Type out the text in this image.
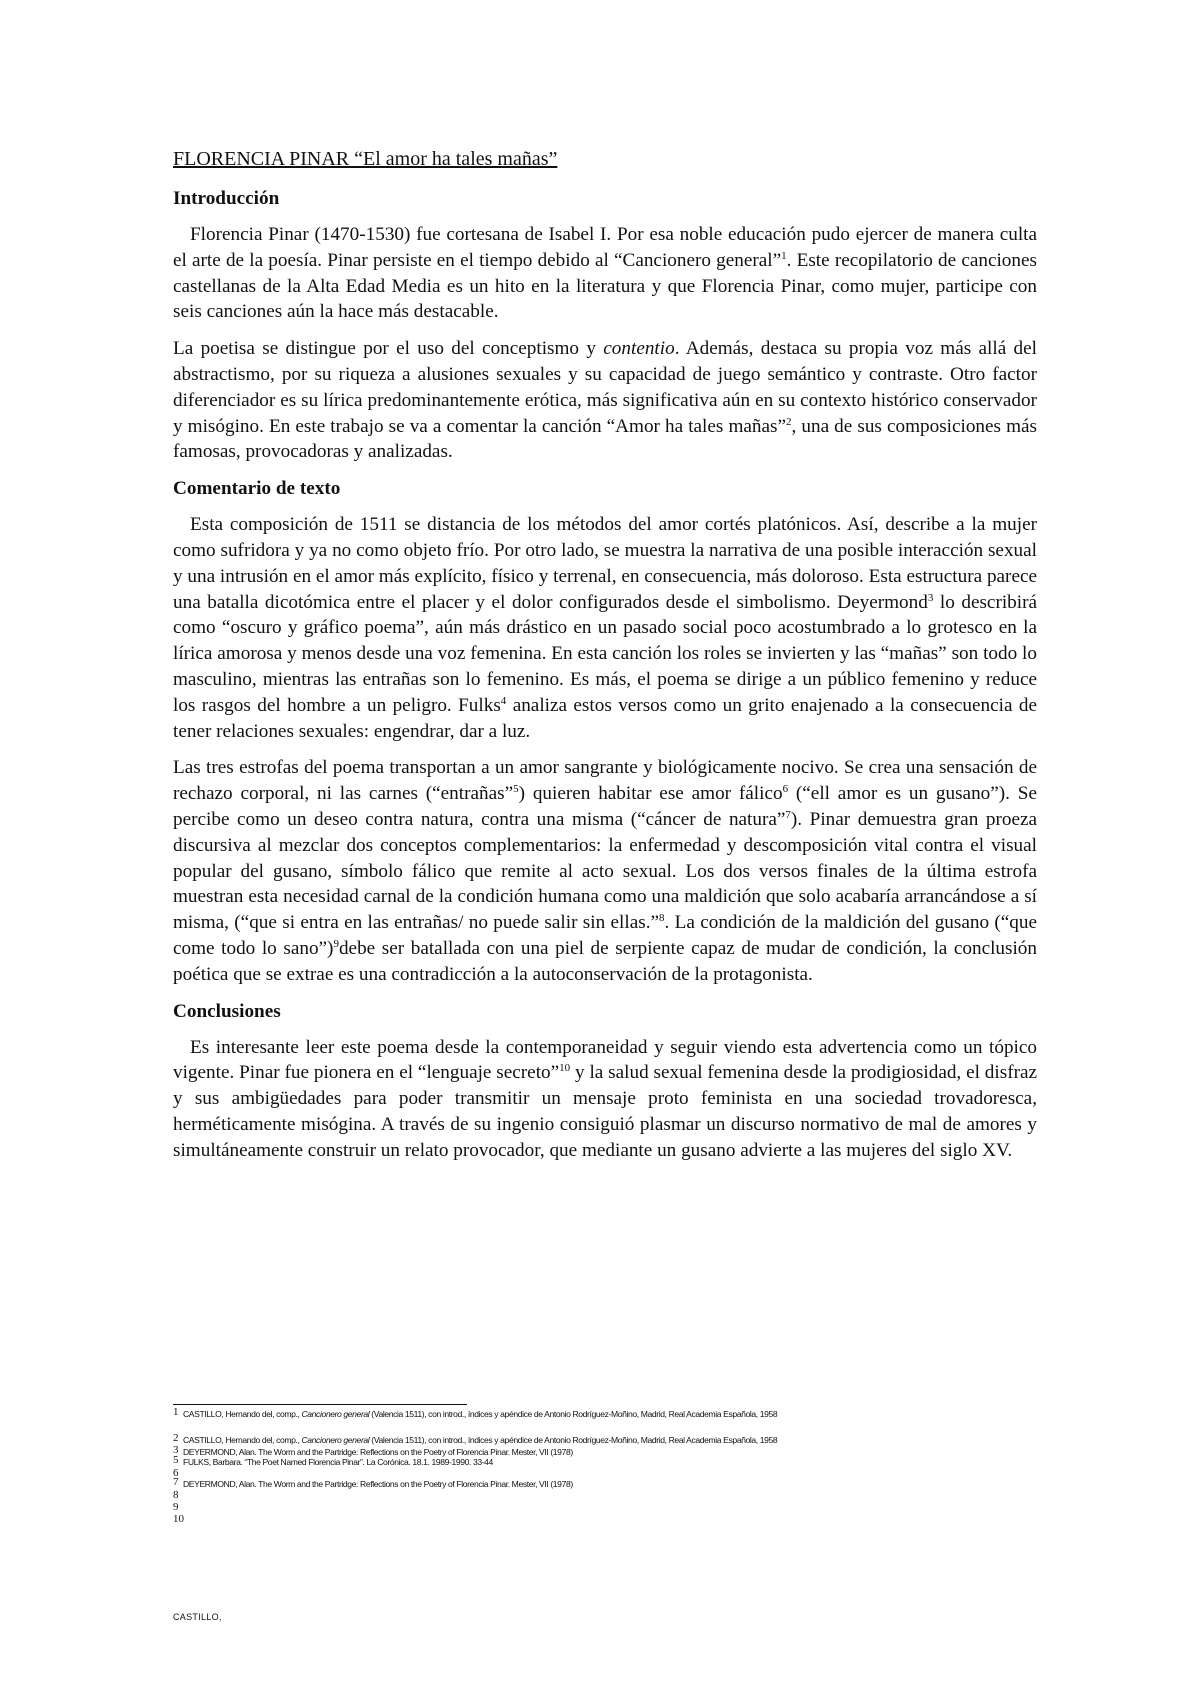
FLORENCIA PINAR “El amor ha tales mañas”
Introducción

Florencia Pinar (1470-1530) fue cortesana de Isabel I. Por esa noble educación pudo ejercer de manera culta el arte de la poesía. Pinar persiste en el tiempo debido al “Cancionero general”$^1$. Este recopilatorio de canciones castellanas de la Alta Edad Media es un hito en la literatura y que Florencia Pinar, como mujer, participe con seis canciones aún la hace más destacable.

La poetisa se distingue por el uso del conceptismo y contentio. Además, destaca su propia voz más allá del abstractismo, por su riqueza a alusiones sexuales y su capacidad de juego semántico y contraste. Otro factor diferenciador es su lírica predominantemente erótica, más significativa aún en su contexto histórico conservador y misógino. En este trabajo se va a comentar la canción “Amor ha tales mañas”$^2$, una de sus composiciones más famosas, provocadoras y analizadas.

Comentario de texto

Esta composición de 1511 se distancia de los métodos del amor cortés platónicos. Así, describe a la mujer como sufridora y ya no como objeto frío. Por otro lado, se muestra la narrativa de una posible interacción sexual y una intrusión en el amor más explícito, físico y terrenal, en consecuencia, más doloroso. Esta estructura parece una batalla dicotómica entre el placer y el dolor configurados desde el simbolismo. Deyermond$^3$ lo describirá como “oscuro y gráfico poema”, aún más drástico en un pasado social poco acostumbrado a lo grotesco en la lírica amorosa y menos desde una voz femenina. En esta canción los roles se invierten y las “mañas” son todo lo masculino, mientras las entrañas son lo femenino. Es más, el poema se dirige a un público femenino y reduce los rasgos del hombre a un peligro. Fulks$^4$ analiza estos versos como un grito enajenado a la consecuencia de tener relaciones sexuales: engendrar, dar a luz.

Las tres estrofas del poema transportan a un amor sangrante y biológicamente nocivo. Se crea una sensación de rechazo corporal, ni las carnes (“entrañas”$^5$) quieren habitar ese amor fálico$^6$ (“ell amor es un gusano”). Se percibe como un deseo contra natura, contra una misma (“cáncer de natura”$^7$). Pinar demuestra gran proeza discursiva al mezclar dos conceptos complementarios: la enfermedad y descomposición vital contra el visual popular del gusano, símbolo fálico que remite al acto sexual. Los dos versos finales de la última estrofa muestran esta necesidad carnal de la condición humana como una maldición que solo acabaría arrancándose a sí misma, (“que si entra en las entrañas/ no puede salir sin ellas.”$^8$. La condición de la maldición del gusano (“que come todo lo sano”)$^9$debe ser batallada con una piel de serpiente capaz de mudar de condición, la conclusión poética que se extrae es una contradicción a la autoconservación de la protagonista.

Conclusiones

Es interesante leer este poema desde la contemporaneidad y seguir viendo esta advertencia como un tópico vigente. Pinar fue pionera en el “lenguaje secreto”$^{10}$ y la salud sexual femenina desde la prodigiosidad, el disfraz y sus ambigüedades para poder transmitir un mensaje proto feminista en una sociedad trovadoresca, herméticamente misógina. A través de su ingenio consiguió plasmar un discurso normativo de mal de amores y simultáneamente construir un relato provocador, que mediante un gusano advierte a las mujeres del siglo XV.

1 CASTILLO, Hernando del, comp., Cancionero general (Valencia 1511), con introd., índices y apéndice de Antonio Rodríguez-Moñino, Madrid, Real Academia Española, 1958
2 CASTILLO, Hernando del, comp., Cancionero general (Valencia 1511), con introd., índices y apéndice de Antonio Rodríguez-Moñino, Madrid, Real Academia Española, 1958
3 DEYERMOND, Alan. The Worm and the Partridge: Reflections on the Poetry of Florencia Pinar. Mester, VII (1978)
5 FULKS, Barbara. “The Poet Named Florencia Pinar”. La Corónica. 18.1. 1989-1990. 33-44
6
7 DEYERMOND, Alan. The Worm and the Partridge: Reflections on the Poetry of Florencia Pinar. Mester, VII (1978)
8
9
10
CASTILLO,
